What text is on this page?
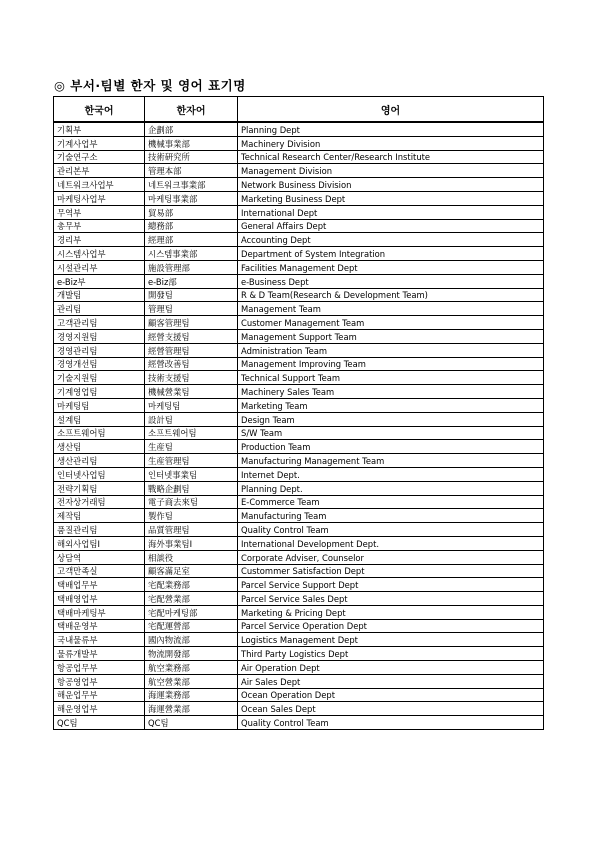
◎ 부서·팀별 한자 및 영어 표기명
한국어	한자어	영어
기획부	企劃部	Planning Dept
기계사업부	機械事業部	Machinery Division
기술연구소	技術硏究所	Technical Research Center/Research Institute
관리본부	管理本部	Management Division
네트워크사업부	네트워크事業部	Network Business Division
마케팅사업부	마케팅事業部	Marketing Business Dept
무역부	貿易部	International Dept
총무부	總務部	General Affairs Dept
경리부	經理部	Accounting Dept
시스템사업부	시스템事業部	Department of System Integration
시설관리부	施設管理部	Facilities Management Dept
e-Biz부	e-Biz部	e-Business Dept
개발팀	開發팀	R & D Team(Research & Development Team)
관리팀	管理팀	Management Team
고객관리팀	顧客管理팀	Customer Management Team
경영지원팀	經營支援팀	Management Support Team
경영관리팀	經營管理팀	Administration Team
경영개선팀	經營改善팀	Management Improving Team
기술지원팀	技術支援팀	Technical Support Team
기계영업팀	機械營業팀	Machinery Sales Team
마케팅팀	마케팅팀	Marketing Team
설계팀	設計팀	Design Team
소프트웨어팀	소프트웨어팀	S/W Team
생산팀	生産팀	Production Team
생산관리팀	生産管理팀	Manufacturing Management Team
인터넷사업팀	인터넷事業팀	Internet Dept.
전략기획팀	戰略企劃팀	Planning Dept.
전자상거래팀	電子商去來팀	E-Commerce Team
제작팀	製作팀	Manufacturing Team
품질관리팀	品質管理팀	Quality Control Team
해외사업팀Ⅰ	海外事業팀Ⅰ	International Development Dept.
상담역	相談役	Corporate Adviser, Counselor
고객만족실	顧客滿足室	Custommer Satisfaction Dept
택배업무부	宅配業務部	Parcel Service Support Dept
택배영업부	宅配營業部	Parcel Service Sales Dept
택배마케팅부	宅配마케팅部	Marketing & Pricing Dept
택배운영부	宅配運營部	Parcel Service Operation Dept
국내물류부	國內物流部	Logistics Management Dept
물류개발부	物流開發部	Third Party Logistics Dept
항공업무부	航空業務部	Air Operation Dept
항공영업부	航空營業部	Air Sales Dept
해운업무부	海運業務部	Ocean Operation Dept
해운영업부	海運營業部	Ocean Sales Dept
QC팀	QC팀	Quality Control Team
